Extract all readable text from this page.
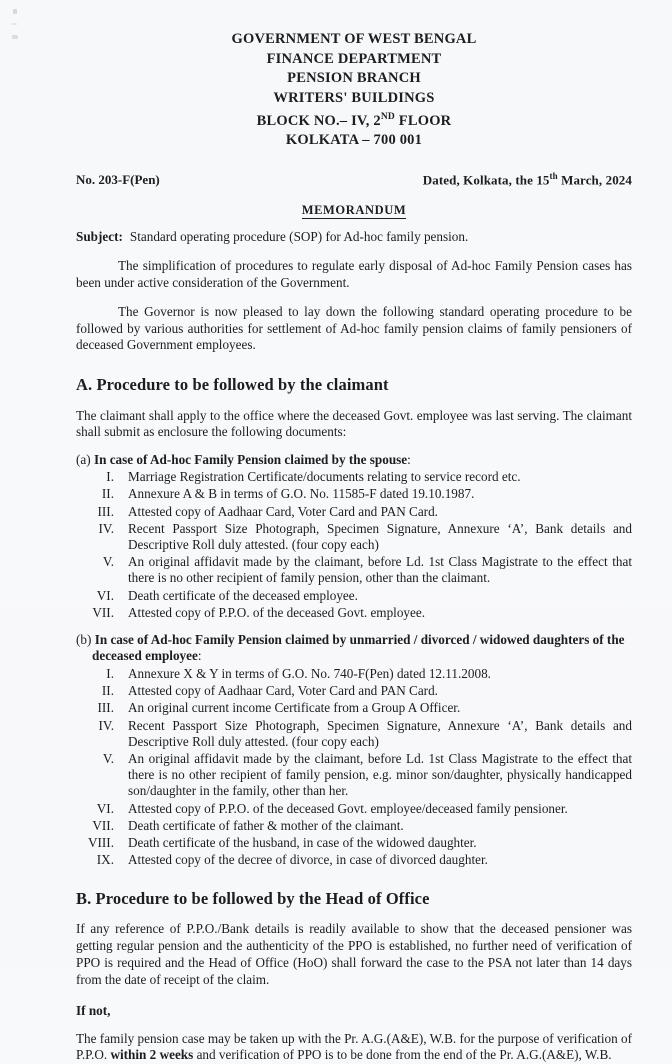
GOVERNMENT OF WEST BENGAL
FINANCE DEPARTMENT
PENSION BRANCH
WRITERS' BUILDINGS
BLOCK NO.– IV, 2ND FLOOR
KOLKATA – 700 001
No. 203-F(Pen)	Dated, Kolkata, the 15th March, 2024
MEMORANDUM
Subject: Standard operating procedure (SOP) for Ad-hoc family pension.
The simplification of procedures to regulate early disposal of Ad-hoc Family Pension cases has been under active consideration of the Government.
The Governor is now pleased to lay down the following standard operating procedure to be followed by various authorities for settlement of Ad-hoc family pension claims of family pensioners of deceased Government employees.
A. Procedure to be followed by the claimant
The claimant shall apply to the office where the deceased Govt. employee was last serving. The claimant shall submit as enclosure the following documents:
(a) In case of Ad-hoc Family Pension claimed by the spouse:
I.	Marriage Registration Certificate/documents relating to service record etc.
II.	Annexure A & B in terms of G.O. No. 11585-F dated 19.10.1987.
III.	Attested copy of Aadhaar Card, Voter Card and PAN Card.
IV.	Recent Passport Size Photograph, Specimen Signature, Annexure ‘A’, Bank details and Descriptive Roll duly attested. (four copy each)
V.	An original affidavit made by the claimant, before Ld. 1st Class Magistrate to the effect that there is no other recipient of family pension, other than the claimant.
VI.	Death certificate of the deceased employee.
VII.	Attested copy of P.P.O. of the deceased Govt. employee.
(b) In case of Ad-hoc Family Pension claimed by unmarried / divorced / widowed daughters of the deceased employee:
I.	Annexure X & Y in terms of G.O. No. 740-F(Pen) dated 12.11.2008.
II.	Attested copy of Aadhaar Card, Voter Card and PAN Card.
III.	An original current income Certificate from a Group A Officer.
IV.	Recent Passport Size Photograph, Specimen Signature, Annexure ‘A’, Bank details and Descriptive Roll duly attested. (four copy each)
V.	An original affidavit made by the claimant, before Ld. 1st Class Magistrate to the effect that there is no other recipient of family pension, e.g. minor son/daughter, physically handicapped son/daughter in the family, other than her.
VI.	Attested copy of P.P.O. of the deceased Govt. employee/deceased family pensioner.
VII.	Death certificate of father & mother of the claimant.
VIII.	Death certificate of the husband, in case of the widowed daughter.
IX.	Attested copy of the decree of divorce, in case of divorced daughter.
B. Procedure to be followed by the Head of Office
If any reference of P.P.O./Bank details is readily available to show that the deceased pensioner was getting regular pension and the authenticity of the PPO is established, no further need of verification of PPO is required and the Head of Office (HoO) shall forward the case to the PSA not later than 14 days from the date of receipt of the claim.
If not,
The family pension case may be taken up with the Pr. A.G.(A&E), W.B. for the purpose of verification of P.P.O. within 2 weeks and verification of PPO is to be done from the end of the Pr. A.G.(A&E), W.B.
